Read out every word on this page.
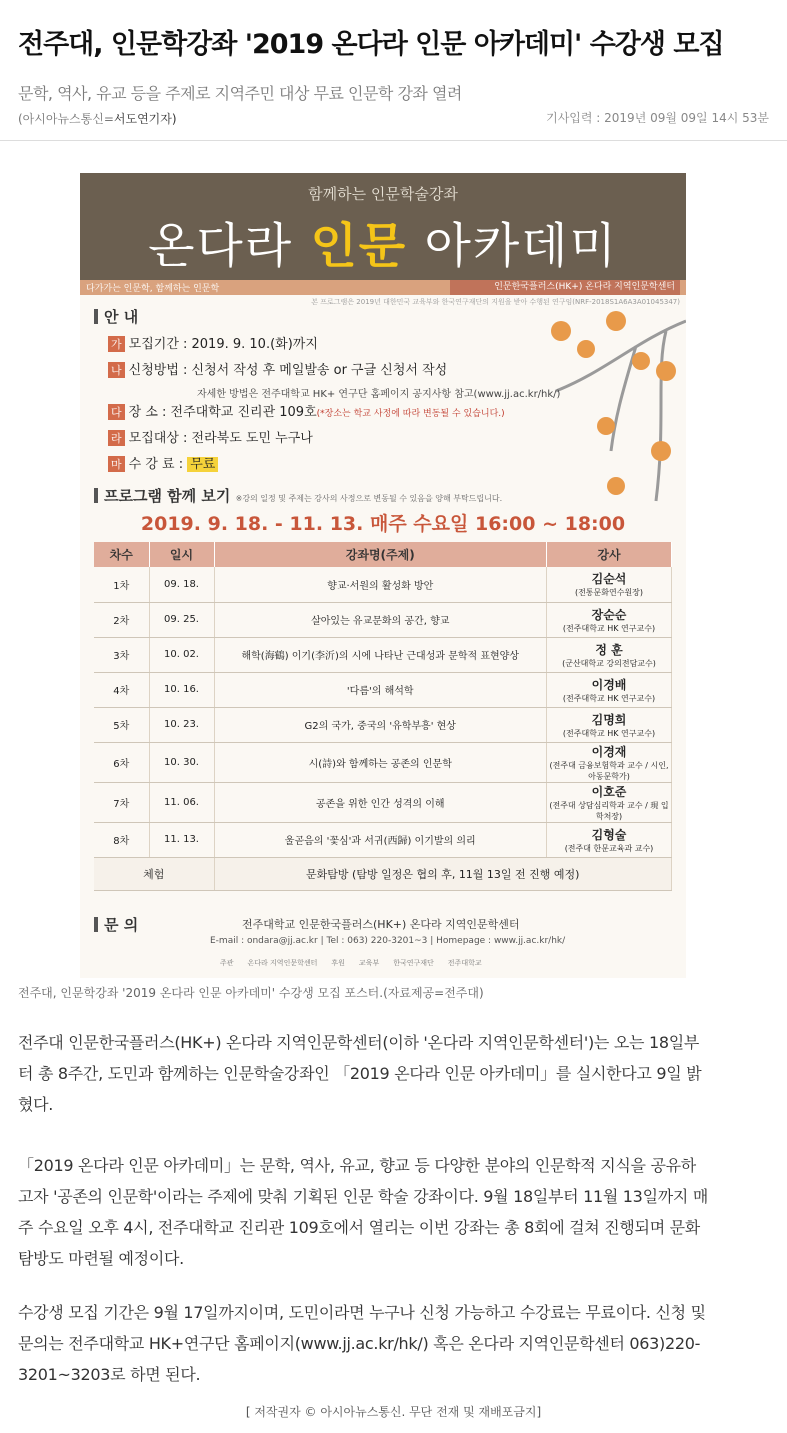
전주대, 인문학강좌 '2019 온다라 인문 아카데미' 수강생 모집
문학, 역사, 유교 등을 주제로 지역주민 대상 무료 인문학 강좌 열려
(아시아뉴스통신=서도연기자)	기사입력 : 2019년 09월 09일 14시 53분
함께하는 인문학술강좌
온다라 인문 아카데미
다가가는 인문학, 함께하는 인문학	인문한국플러스(HK+) 온다라 지역인문학센터
본 프로그램은 2019년 대한민국 교육부와 한국연구재단의 지원을 받아 수행된 연구임(NRF-2018S1A6A3A01045347)
안 내
가 모집기간 : 2019. 9. 10.(화)까지
나 신청방법 : 신청서 작성 후 메일발송 or 구글 신청서 작성
자세한 방법은 전주대학교 HK+ 연구단 홈페이지 공지사항 참고(www.jj.ac.kr/hk/)
다 장 소 : 전주대학교 진리관 109호(*장소는 학교 사정에 따라 변동될 수 있습니다.)
라 모집대상 : 전라북도 도민 누구나
마 수 강 료 : 무료
프로그램 함께 보기 ※강의 일정 및 주제는 강사의 사정으로 변동될 수 있음을 양해 부탁드립니다.
2019. 9. 18. - 11. 13. 매주 수요일 16:00 ~ 18:00
차수	일시	강좌명(주제)	강사
1차	09. 18.	향교·서원의 활성화 방안	김순석
(전통문화연수원장)

2차	09. 25.	살아있는 유교문화의 공간, 향교	장순순
(전주대학교 HK 연구교수)

3차	10. 02.	해학(海鶴) 이기(李沂)의 시에 나타난 근대성과 문학적 표현양상	정 훈
(군산대학교 강의전담교수)

4차	10. 16.	'다름'의 해석학	이경배
(전주대학교 HK 연구교수)

5차	10. 23.	G2의 국가, 중국의 '유학부흥' 현상	김명희
(전주대학교 HK 연구교수)

6차	10. 30.	시(詩)와 함께하는 공존의 인문학	이경재
(전주대 금융보험학과 교수 / 시인, 아동문학가)

7차	11. 06.	공존을 위한 인간 성격의 이해	이호준
(전주대 상담심리학과 교수 / 現 입학처장)

8차	11. 13.	울곧음의 '꽃심'과 서귀(西歸) 이기발의 의리	김형술
(전주대 한문교육과 교수)

체험		문화탐방 (탐방 일정은 협의 후, 11월 13일 전 진행 예정)	
문 의	전주대학교 인문한국플러스(HK+) 온다라 지역인문학센터
E-mail : ondara@jj.ac.kr | Tel : 063) 220-3201~3 | Homepage : www.jj.ac.kr/hk/
주관 온다라 지역인문학센터 후원 교육부 한국연구재단 전주대학교
전주대, 인문학강좌 '2019 온다라 인문 아카데미' 수강생 모집 포스터.(자료제공=전주대)
전주대 인문한국플러스(HK+) 온다라 지역인문학센터(이하 '온다라 지역인문학센터')는 오는 18일부터 총 8주간, 도민과 함께하는 인문학술강좌인 「2019 온다라 인문 아카데미」를 실시한다고 9일 밝혔다.
「2019 온다라 인문 아카데미」는 문학, 역사, 유교, 향교 등 다양한 분야의 인문학적 지식을 공유하고자 '공존의 인문학'이라는 주제에 맞춰 기획된 인문 학술 강좌이다. 9월 18일부터 11월 13일까지 매주 수요일 오후 4시, 전주대학교 진리관 109호에서 열리는 이번 강좌는 총 8회에 걸쳐 진행되며 문화탐방도 마련될 예정이다.
수강생 모집 기간은 9월 17일까지이며, 도민이라면 누구나 신청 가능하고 수강료는 무료이다. 신청 및 문의는 전주대학교 HK+연구단 홈페이지(www.jj.ac.kr/hk/) 혹은 온다라 지역인문학센터 063)220-3201~3203로 하면 된다.
[ 저작권자 © 아시아뉴스통신. 무단 전재 및 재배포금지]
